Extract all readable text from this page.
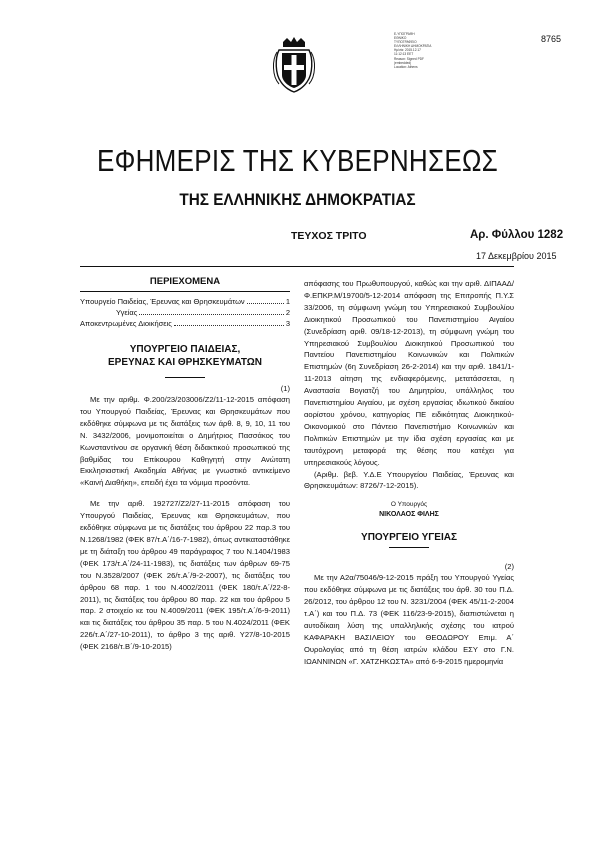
E-ΥΠΟΓΡΑΦΗ
ΕΘΝΙΚΟ
ΤΥΠΟΓΡΑΦΕΙΟ
ΕΛΛΗΝΙΚΗ ΔΗΜΟΚΡΑΤΙΑ
Ημ/νία: 2015.12.17
11:12:13 EET
Reason: Signed PDF
(embedded)
Location: Athens
8765
ΕΦΗΜΕΡΙΣ ΤΗΣ ΚΥΒΕΡΝΗΣΕΩΣ
ΤΗΣ ΕΛΛΗΝΙΚΗΣ ΔΗΜΟΚΡΑΤΙΑΣ
ΤΕΥΧΟΣ ΤΡΙΤΟ	Αρ. Φύλλου 1282
17 Δεκεμβρίου 2015
ΠΕΡΙΕΧΟΜΕΝΑ
Υπουργείο Παιδείας, Έρευνας και Θρησκευμάτων	1
Υγείας	2
Αποκεντρωμένες Διοικήσεις	3
ΥΠΟΥΡΓΕΙΟ ΠΑΙΔΕΙΑΣ,
ΕΡΕΥΝΑΣ ΚΑΙ ΘΡΗΣΚΕΥΜΑΤΩΝ
(1)

Με την αριθμ. Φ.200/23/203006/Ζ2/11-12-2015 απόφαση του Υπουργού Παιδείας, Έρευνας και Θρησκευμάτων που εκδόθηκε σύμφωνα με τις διατάξεις των άρθ. 8, 9, 10, 11 του Ν. 3432/2006, μονιμοποιείται ο Δημήτριος Πασσάκος του Κωνσταντίνου σε οργανική θέση διδακτικού προσωπικού της βαθμίδας του Επίκουρου Καθηγητή στην Ανώτατη Εκκλησιαστική Ακαδημία Αθήνας με γνωστικό αντικείμενο «Καινή Διαθήκη», επειδή έχει τα νόμιμα προσόντα.

Με την αριθ. 192727/Ζ2/27-11-2015 απόφαση του Υπουργού Παιδείας, Έρευνας και Θρησκευμάτων, που εκδόθηκε σύμφωνα με τις διατάξεις του άρθρου 22 παρ.3 του Ν.1268/1982 (ΦΕΚ 87/τ.Α΄/16-7-1982), όπως αντικαταστάθηκε με τη διάταξη του άρθρου 49 παράγραφος 7 του Ν.1404/1983 (ΦΕΚ 173/τ.Α΄/24-11-1983), τις διατάξεις των άρθρων 69-75 του Ν.3528/2007 (ΦΕΚ 26/τ.Α΄/9-2-2007), τις διατάξεις του άρθρου 68 παρ. 1 του Ν.4002/2011 (ΦΕΚ 180/τ.Α΄/22-8-2011), τις διατάξεις του άρθρου 80 παρ. 22 και του άρθρου 5 παρ. 2 στοιχείο κε του Ν.4009/2011 (ΦΕΚ 195/τ.Α΄/6-9-2011) και τις διατάξεις του άρθρου 35 παρ. 5 του Ν.4024/2011 (ΦΕΚ 226/τ.Α΄/27-10-2011), το άρθρο 3 της αριθ. Υ27/8-10-2015 (ΦΕΚ 2168/τ.Β΄/9-10-2015)

απόφασης του Πρωθυπουργού, καθώς και την αριθ. ΔΙΠΑΑΔ/Φ.ΕΠΚΡ.Μ/19700/5-12-2014 απόφαση της Επιτροπής Π.Υ.Σ 33/2006, τη σύμφωνη γνώμη του Υπηρεσιακού Συμβουλίου Διοικητικού Προσωπικού του Πανεπιστημίου Αιγαίου (Συνεδρίαση αριθ. 09/18-12-2013), τη σύμφωνη γνώμη του Υπηρεσιακού Συμβουλίου Διοικητικού Προσωπικού του Παντείου Πανεπιστημίου Κοινωνικών και Πολιτικών Επιστημών (6η Συνεδρίαση 26-2-2014) και την αριθ. 1841/1-11-2013 αίτηση της ενδιαφερόμενης, μετατάσσεται, η Αναστασία Βογιατζή του Δημητρίου, υπάλληλος του Πανεπιστημίου Αιγαίου, με σχέση εργασίας ιδιωτικού δικαίου αορίστου χρόνου, κατηγορίας ΠΕ ειδικότητας Διοικητικού-Οικονομικού στο Πάντειο Πανεπιστήμιο Κοινωνικών και Πολιτικών Επιστημών με την ίδια σχέση εργασίας και με ταυτόχρονη μεταφορά της θέσης που κατέχει για υπηρεσιακούς λόγους.

(Αριθμ. βεβ. Υ.Δ.Ε Υπουργείου Παιδείας, Έρευνας και Θρησκευμάτων: 8726/7-12-2015).

Ο Υπουργός
ΝΙΚΟΛΑΟΣ ΦΙΛΗΣ
ΥΠΟΥΡΓΕΙΟ ΥΓΕΙΑΣ
(2)

Με την Α2α/75046/9-12-2015 πράξη του Υπουργού Υγείας που εκδόθηκε σύμφωνα με τις διατάξεις του άρθ. 30 του Π.Δ. 26/2012, του άρθρου 12 του Ν. 3231/2004 (ΦΕΚ 45/11-2-2004 τ.Α΄) και του Π.Δ. 73 (ΦΕΚ 116/23-9-2015), διαπιστώνεται η αυτοδίκαιη λύση της υπαλληλικής σχέσης του ιατρού ΚΑΦΑΡΑΚΗ ΒΑΣΙΛΕΙΟΥ του ΘΕΟΔΩΡΟΥ Επιμ. Α΄ Ουρολογίας από τη θέση ιατρών κλάδου ΕΣΥ στο Γ.Ν. ΙΩΑΝΝΙΝΩΝ «Γ. ΧΑΤΖΗΚΩΣΤΑ» από 6-9-2015 ημερομηνία
